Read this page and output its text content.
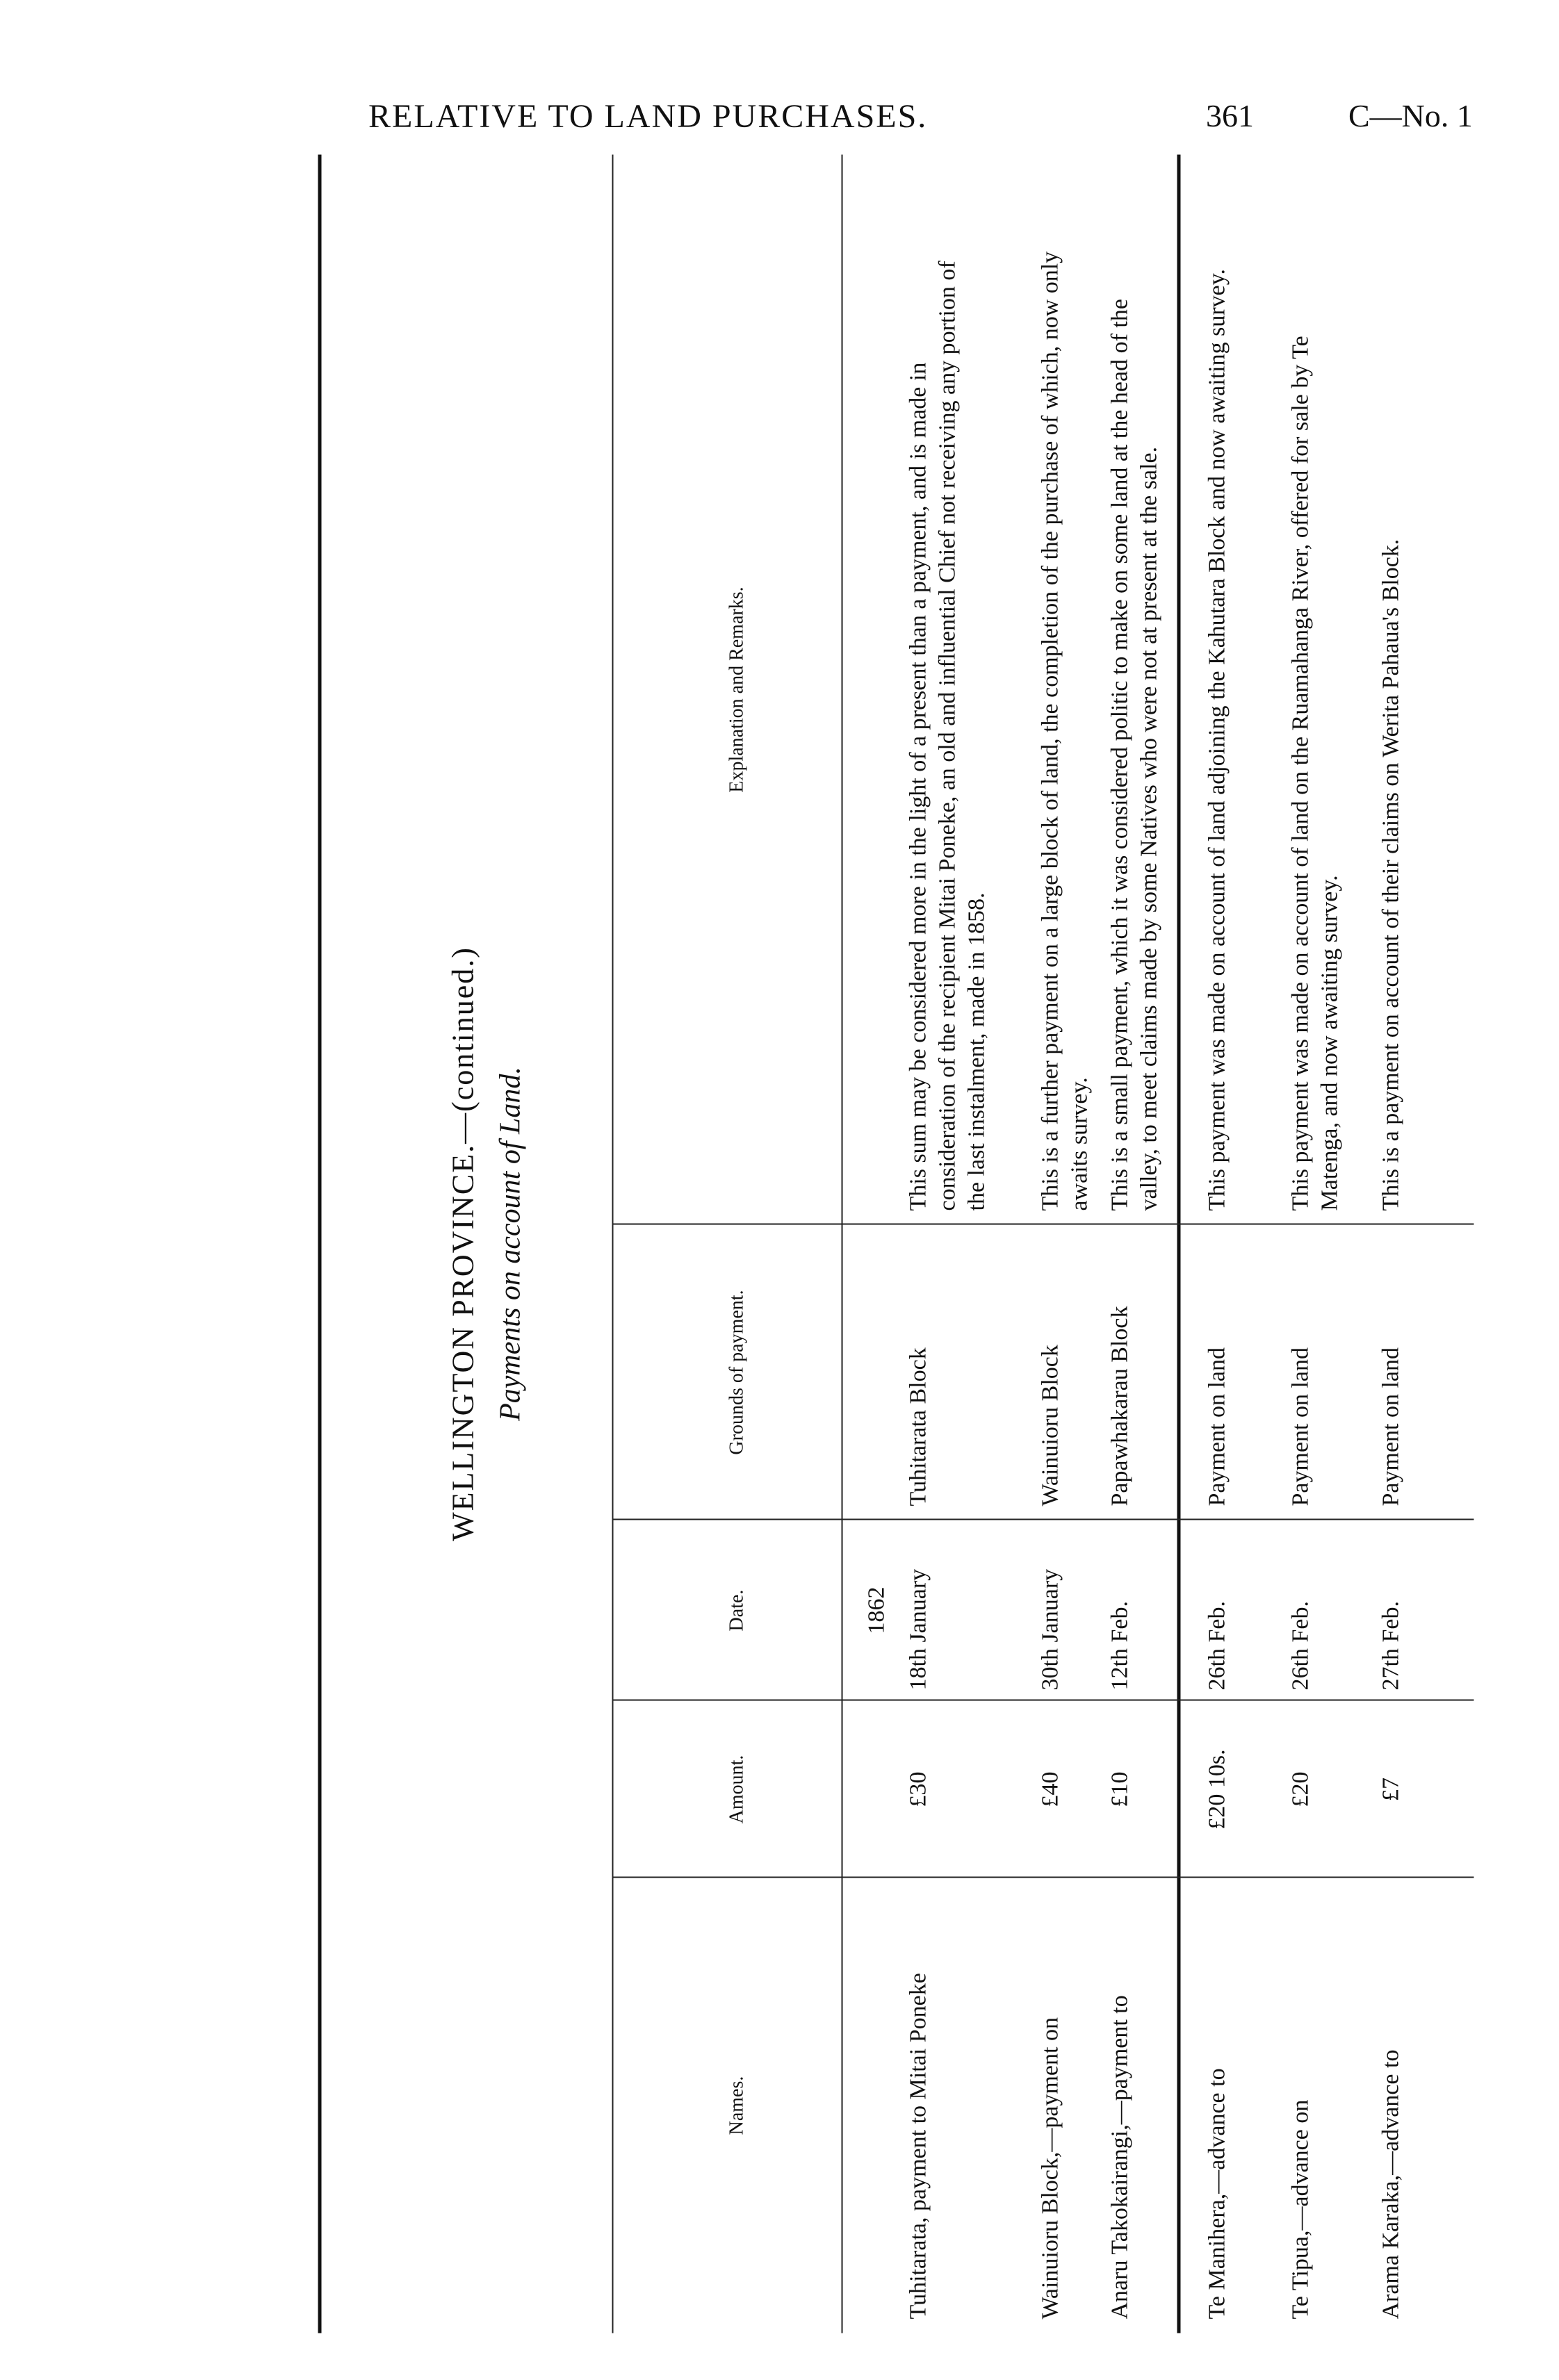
RELATIVE TO LAND PURCHASES.	361	C—No. 1
WELLINGTON PROVINCE.—(continued.) Payments on account of Land.
Names.
Amount.
Date.
Grounds of payment.
Explanation and Remarks.
1862
Tuhitarata, payment to Mitai Poneke
£30
18th January
Tuhitarata Block
This sum may be considered more in the light of a present than a payment, and is made in consideration of the recipient Mitai Poneke, an old and influential Chief not receiving any portion of the last instalment, made in 1858.
Wainuioru Block,—payment on
£40
30th January
Wainuioru Block
This is a further payment on a large block of land, the completion of the purchase of which, now only awaits survey.
Anaru Takokairangi,—payment to
£10
12th Feb.
Papawhakarau Block
This is a small payment, which it was considered politic to make on some land at the head of the valley, to meet claims made by some Natives who were not at present at the sale.
Te Manihera,—advance to
£20 10s.
26th Feb.
Payment on land
This payment was made on account of land adjoining the Kahutara Block and now awaiting survey.
Te Tipua,—advance on
£20
26th Feb.
Payment on land
This payment was made on account of land on the Ruamahanga River, offered for sale by Te Matenga, and now awaiting survey.
Arama Karaka,—advance to
£7
27th Feb.
Payment on land
This is a payment on account of their claims on Werita Pahaua's Block.
